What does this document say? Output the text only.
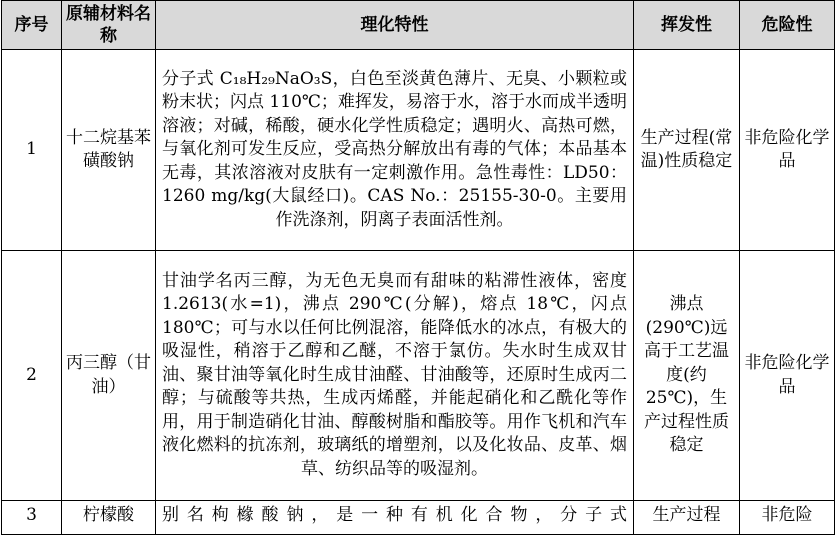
序号	原辅材料名称	理化特性	挥发性	危险性
1	十二烷基苯磺酸钠	分子式 C₁₈H₂₉NaO₃S，白色至淡黄色薄片、无臭、小颗粒或粉末状；闪点 110℃；难挥发，易溶于水，溶于水而成半透明溶液；对碱，稀酸，硬水化学性质稳定；遇明火、高热可燃，与氧化剂可发生反应，受高热分解放出有毒的气体；本品基本无毒，其浓溶液对皮肤有一定刺激作用。急性毒性：LD50：1260 mg/kg(大鼠经口)。CAS No.：25155-30-0。主要用作洗涤剂，阴离子表面活性剂。	生产过程(常温)性质稳定	非危险化学品
2	丙三醇（甘油）	甘油学名丙三醇，为无色无臭而有甜味的粘滞性液体，密度 1.2613(水=1)，沸点 290℃(分解)，熔点 18℃，闪点 180℃；可与水以任何比例混溶，能降低水的冰点，有极大的吸湿性，稍溶于乙醇和乙醚，不溶于氯仿。失水时生成双甘油、聚甘油等氧化时生成甘油醛、甘油酸等，还原时生成丙二醇；与硫酸等共热，生成丙烯醛，并能起硝化和乙酰化等作用，用于制造硝化甘油、醇酸树脂和酯胶等。用作飞机和汽车液化燃料的抗冻剂，玻璃纸的增塑剂，以及化妆品、皮革、烟草、纺织品等的吸湿剂。	沸点(290℃)远高于工艺温度(约25℃)，生产过程性质稳定	非危险化学品
3	柠檬酸	别名枸橼酸钠，是一种有机化合物，分子式	生产过程	非危险
